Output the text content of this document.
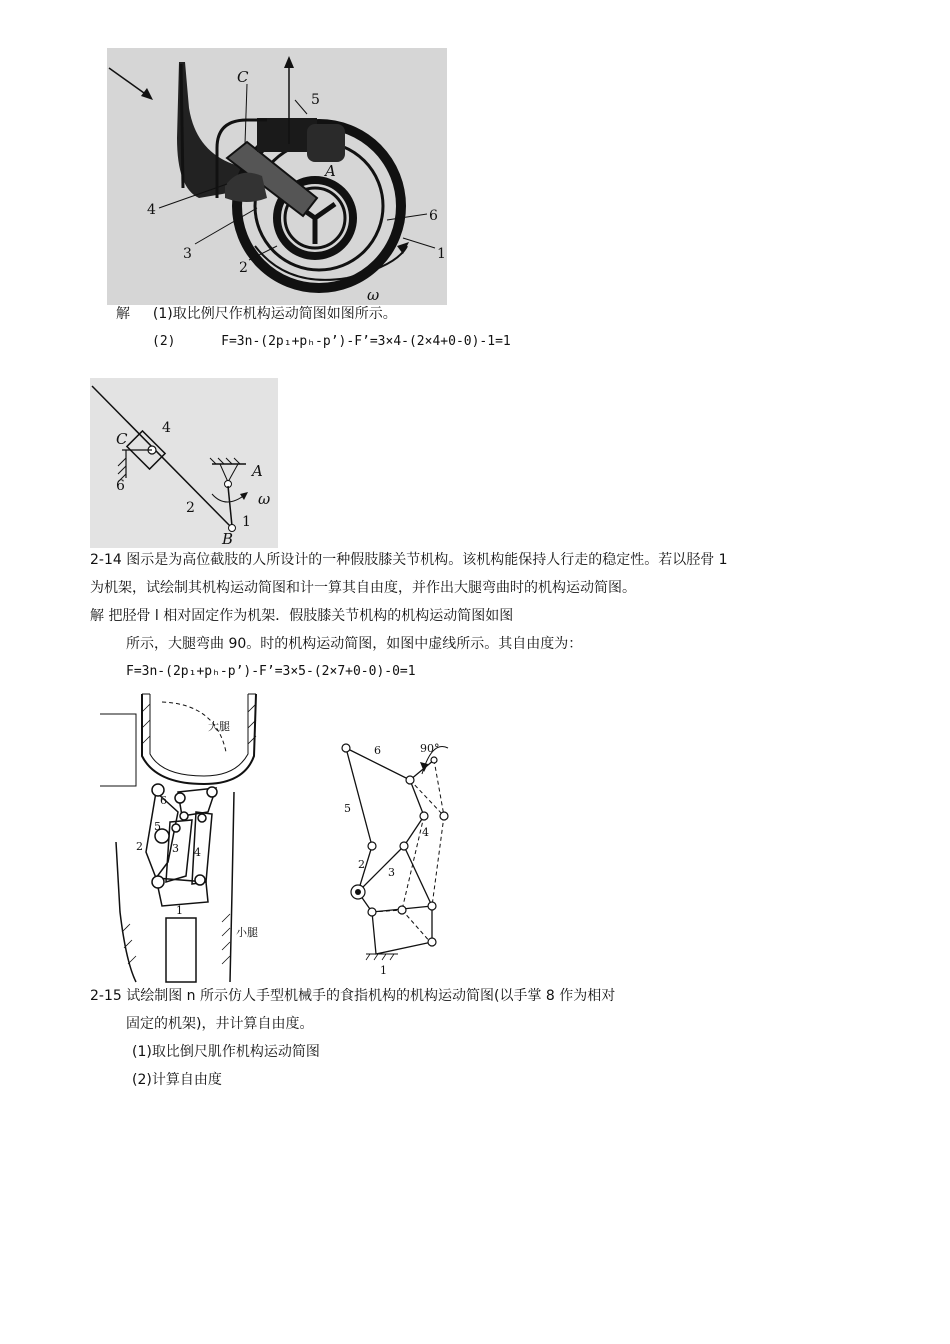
C
5
A
4	6
3
2
1
ω
解 (1)取比例尺作机构运动简图如图所示。
(2)	F=3n-(2p₁+pₕ-p’)-F’=3×4-(2×4+0-0)-1=1
C
4
6
A
ω
2
1
B
2-14 图示是为高位截肢的人所设计的一种假肢膝关节机构。该机构能保持人行走的稳定性。若以胫骨 1
为机架，试绘制其机构运动简图和计一算其自由度，并作出大腿弯曲时的机构运动简图。
解 把胫骨 l 相对固定作为机架．假肢膝关节机构的机构运动简图如图
所示，大腿弯曲 90。时的机构运动简图，如图中虚线所示。其自由度为：
F=3n-(2p₁+pₕ-p’)-F’=3×5-(2×7+0-0)-0=1
大腿
小腿
6
5
2	3 4
1
90°
6
5
2
3
4
1
2-15 试绘制图 n 所示仿人手型机械手的食指机构的机构运动简图(以手掌 8 作为相对
固定的机架)，井计算自由度。
(1)取比倒尺肌作机构运动简图
(2)计算自由度
